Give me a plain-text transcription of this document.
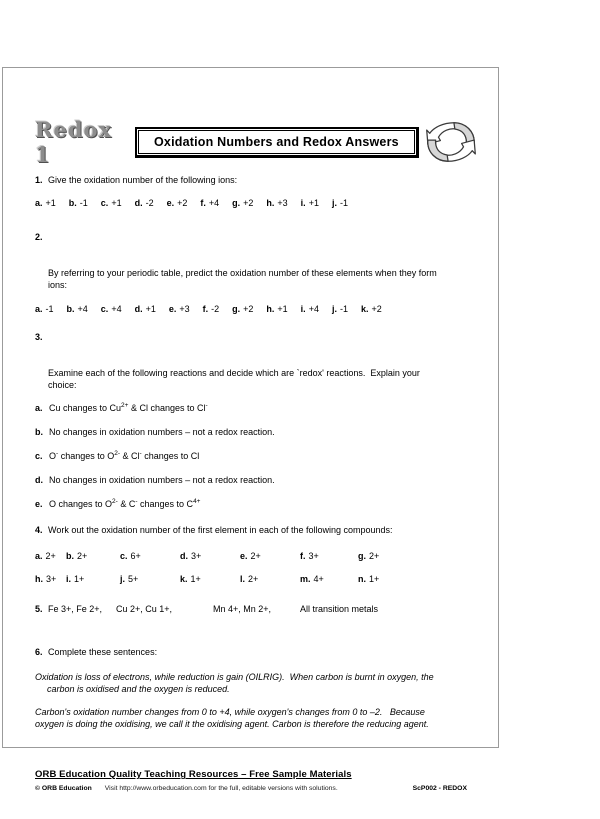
Redox 1
Oxidation Numbers and Redox Answers
1. Give the oxidation number of the following ions:
a. +1 b. -1 c. +1 d. -2 e. +2 f. +4 g. +2 h. +3 i. +1 j. -1
2.

By referring to your periodic table, predict the oxidation number of these elements when they form
ions:
a. -1 b. +4 c. +4 d. +1 e. +3 f. -2 g. +2 h. +1 i. +4 j. -1 k. +2
3.

Examine each of the following reactions and decide which are `redox' reactions.  Explain your
choice:
a. Cu changes to $Cu^{2+}$ & Cl changes to Cl-
b. No changes in oxidation numbers – not a redox reaction.
c. O- changes to $O^{2-}$ & Cl- changes to Cl
d. No changes in oxidation numbers – not a redox reaction.
e. O changes to $O^{2-}$ & C- changes to $C^{4+}$
4. Work out the oxidation number of the first element in each of the following compounds:
a. 2+	b. 2+	c. 6+	d. 3+	e. 2+	f. 3+	g. 2+
h. 3+	i. 1+	j. 5+	k. 1+	l. 2+	m. 4+	n. 1+
5. Fe 3+, Fe 2+,	Cu 2+, Cu 1+,	Mn 4+, Mn 2+,	All transition metals
6. Complete these sentences:
Oxidation is loss of electrons, while reduction is gain (OILRIG).  When carbon is burnt in oxygen, the
carbon is oxidised and the oxygen is reduced.
Carbon's oxidation number changes from 0 to +4, while oxygen's changes from 0 to –2.   Because
oxygen is doing the oxidising, we call it the oxidising agent. Carbon is therefore the reducing agent.
ORB Education Quality Teaching Resources – Free Sample Materials
© ORB Education Visit http://www.orbeducation.com for the full, editable versions with solutions.	ScP002 - REDOX
